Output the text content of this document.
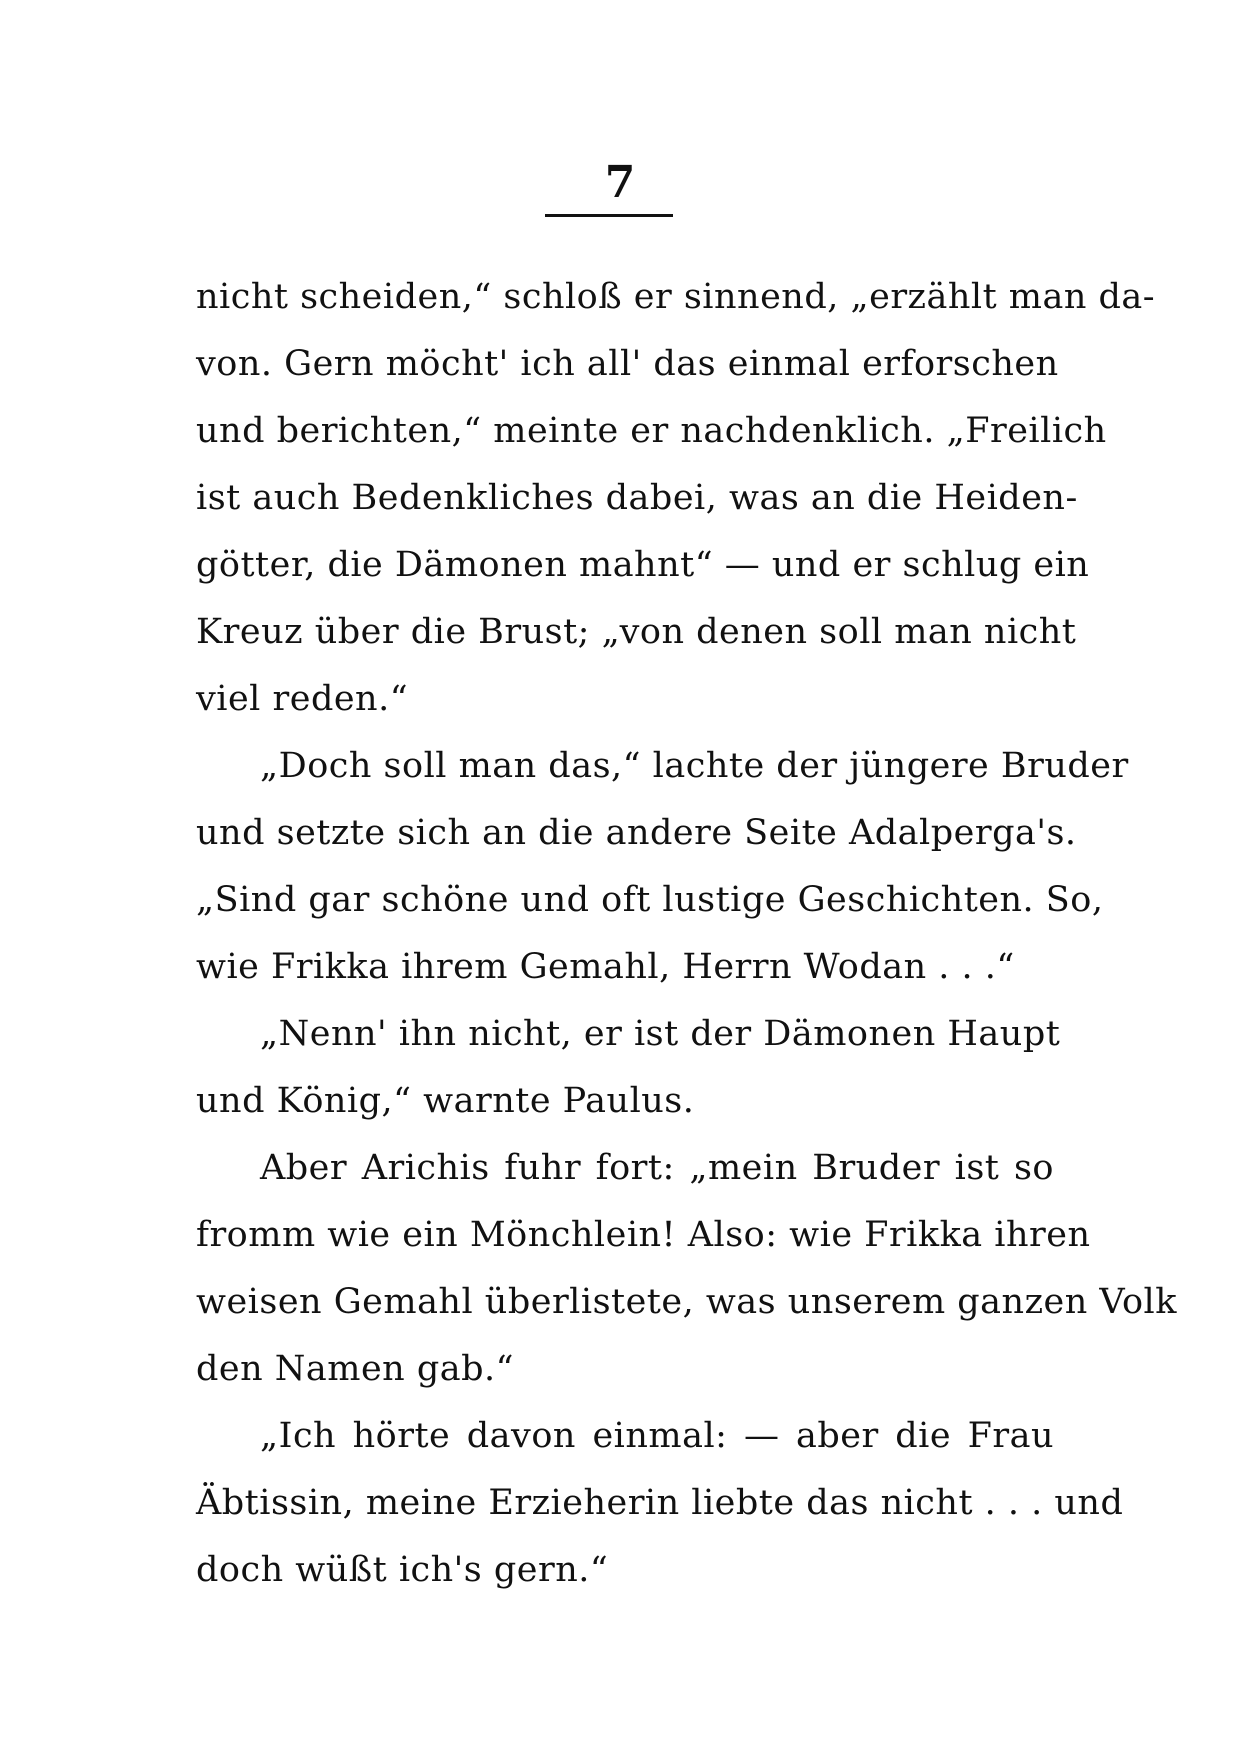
7
nicht scheiden,“ schloß er sinnend, „erzählt man da-
von. Gern möcht' ich all' das einmal erforschen
und berichten,“ meinte er nachdenklich. „Freilich
ist auch Bedenkliches dabei, was an die Heiden-
götter, die Dämonen mahnt“ — und er schlug ein
Kreuz über die Brust; „von denen soll man nicht
viel reden.“
„Doch soll man das,“ lachte der jüngere Bruder
und setzte sich an die andere Seite Adalperga's.
„Sind gar schöne und oft lustige Geschichten. So,
wie Frikka ihrem Gemahl, Herrn Wodan . . .“
„Nenn' ihn nicht, er ist der Dämonen Haupt
und König,“ warnte Paulus.
Aber Arichis fuhr fort: „mein Bruder ist so
fromm wie ein Mönchlein! Also: wie Frikka ihren
weisen Gemahl überlistete, was unserem ganzen Volk
den Namen gab.“
„Ich hörte davon einmal: — aber die Frau
Äbtissin, meine Erzieherin liebte das nicht . . . und
doch wüßt ich's gern.“
